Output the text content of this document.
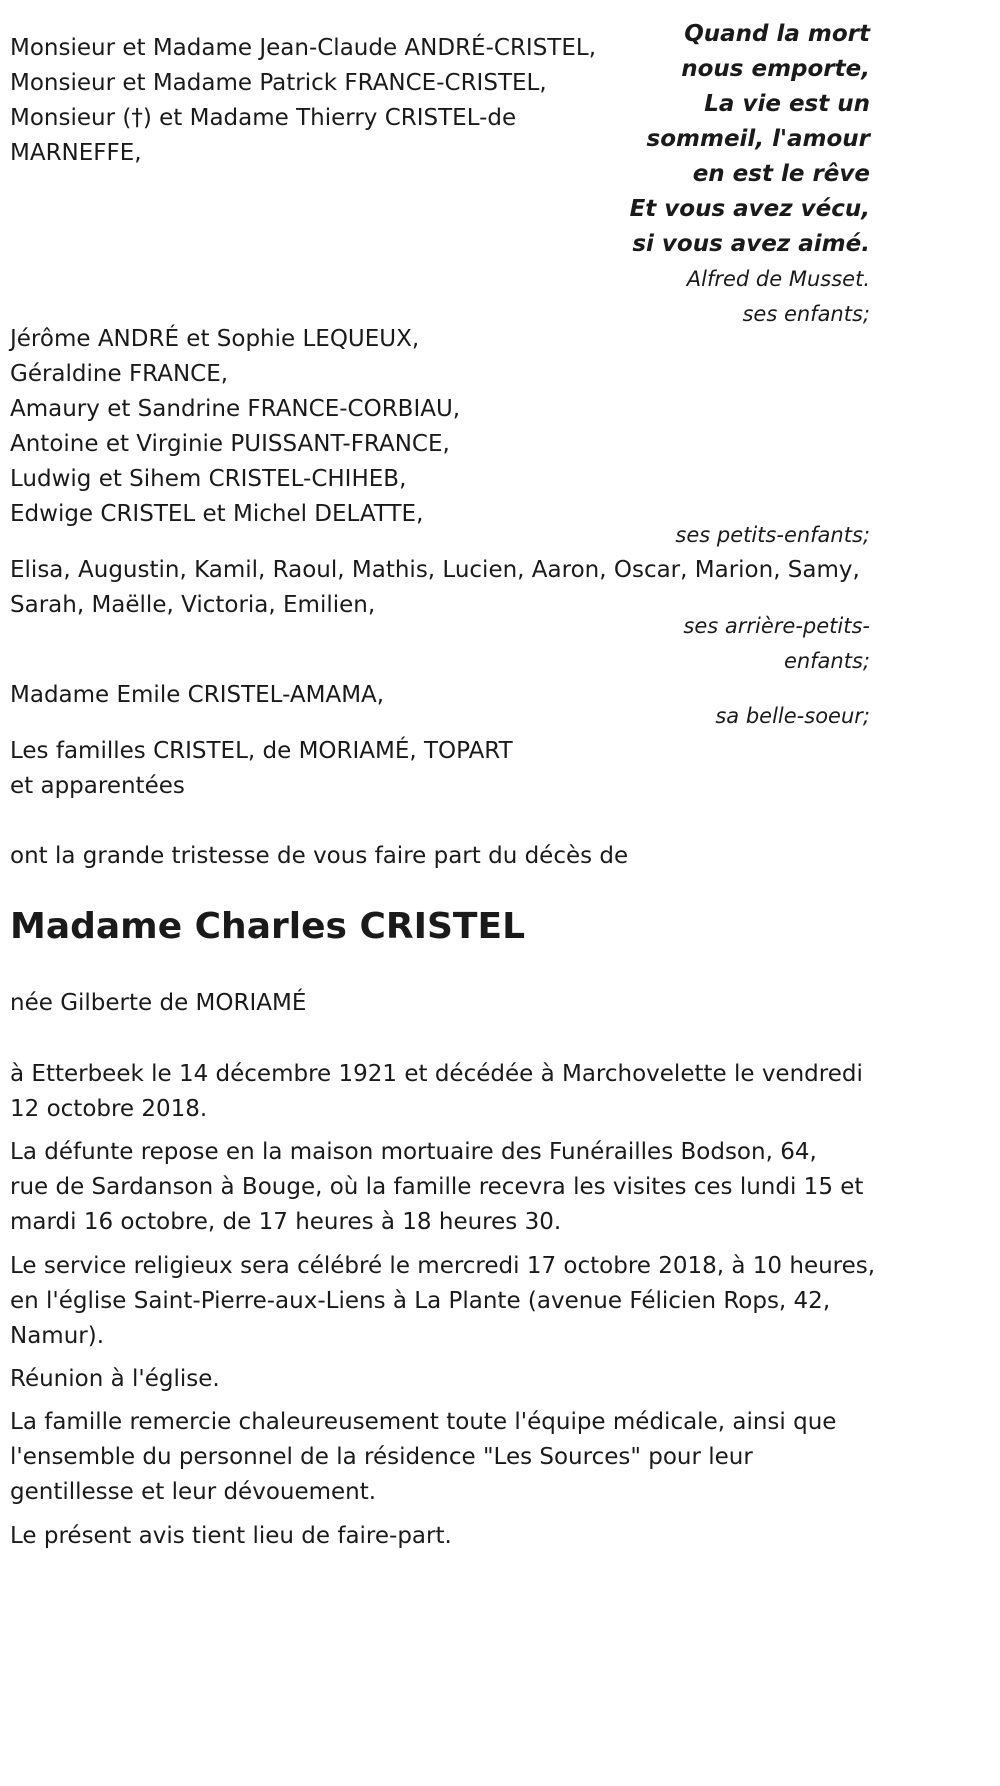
Monsieur et Madame Jean-Claude ANDRÉ-CRISTEL,
Monsieur et Madame Patrick FRANCE-CRISTEL,
Monsieur (†) et Madame Thierry CRISTEL-de
MARNEFFE,
Quand la mort
nous emporte,
La vie est un
sommeil, l'amour
en est le rêve
Et vous avez vécu,
si vous avez aimé.
Alfred de Musset.
ses enfants;
Jérôme ANDRÉ et Sophie LEQUEUX,
Géraldine FRANCE,
Amaury et Sandrine FRANCE-CORBIAU,
Antoine et Virginie PUISSANT-FRANCE,
Ludwig et Sihem CRISTEL-CHIHEB,
Edwige CRISTEL et Michel DELATTE,
ses petits-enfants;
Elisa, Augustin, Kamil, Raoul, Mathis, Lucien, Aaron, Oscar, Marion, Samy,
Sarah, Maëlle, Victoria, Emilien,
ses arrière-petits-
enfants;
Madame Emile CRISTEL-AMAMA,
sa belle-soeur;
Les familles CRISTEL, de MORIAMÉ, TOPART
et apparentées
ont la grande tristesse de vous faire part du décès de
Madame Charles CRISTEL
née Gilberte de MORIAMÉ
à Etterbeek le 14 décembre 1921 et décédée à Marchovelette le vendredi
12 octobre 2018.
La défunte repose en la maison mortuaire des Funérailles Bodson, 64,
rue de Sardanson à Bouge, où la famille recevra les visites ces lundi 15 et
mardi 16 octobre, de 17 heures à 18 heures 30.
Le service religieux sera célébré le mercredi 17 octobre 2018, à 10 heures,
en l'église Saint-Pierre-aux-Liens à La Plante (avenue Félicien Rops, 42,
Namur).
Réunion à l'église.
La famille remercie chaleureusement toute l'équipe médicale, ainsi que
l'ensemble du personnel de la résidence "Les Sources" pour leur
gentillesse et leur dévouement.
Le présent avis tient lieu de faire-part.
